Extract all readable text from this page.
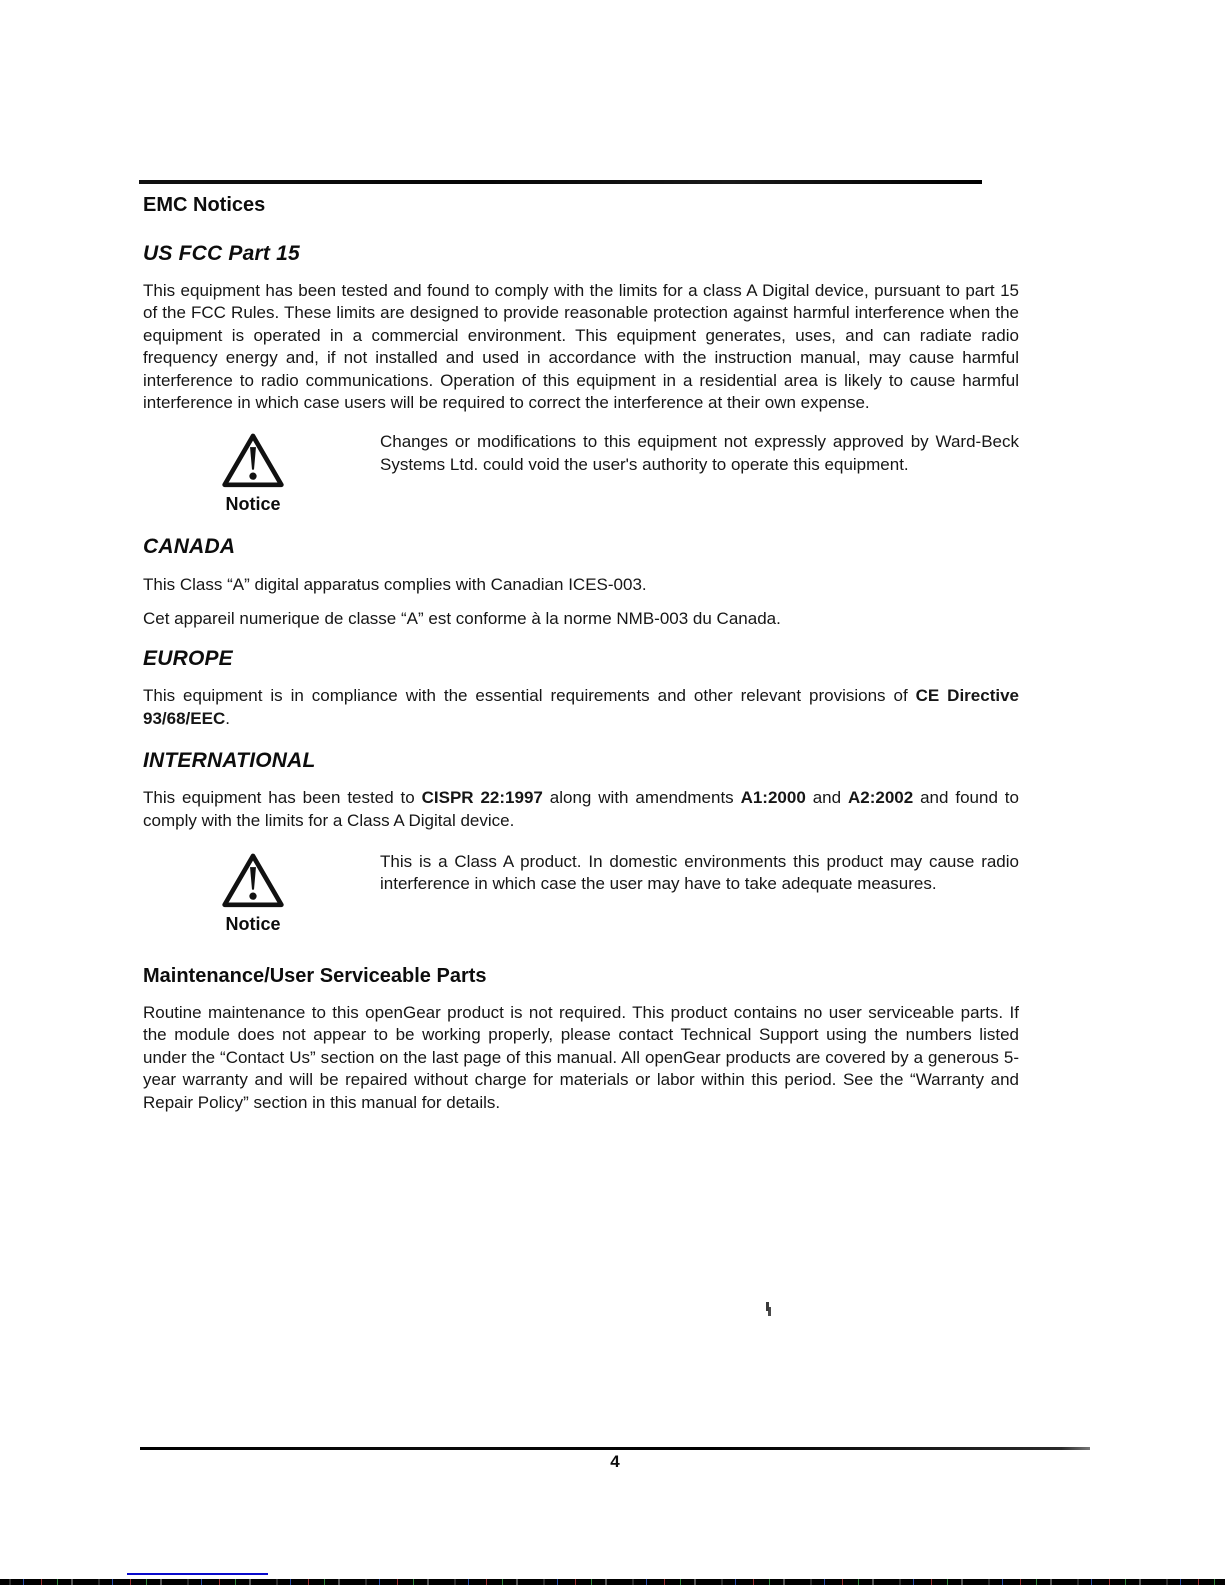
EMC Notices
US FCC Part 15

This equipment has been tested and found to comply with the limits for a class A Digital device, pursuant to part 15 of the FCC Rules. These limits are designed to provide reasonable protection against harmful interference when the equipment is operated in a commercial environment. This equipment generates, uses, and can radiate radio frequency energy and, if not installed and used in accordance with the instruction manual, may cause harmful interference to radio communications. Operation of this equipment in a residential area is likely to cause harmful interference in which case users will be required to correct the interference at their own expense.

Notice
Changes or modifications to this equipment not expressly approved by Ward-Beck Systems Ltd. could void the user's authority to operate this equipment.
CANADA

This Class “A” digital apparatus complies with Canadian ICES-003.

Cet appareil numerique de classe “A” est conforme à la norme NMB-003 du Canada.

EUROPE

This equipment is in compliance with the essential requirements and other relevant provisions of CE Directive 93/68/EEC.

INTERNATIONAL

This equipment has been tested to CISPR 22:1997 along with amendments A1:2000 and A2:2002 and found to comply with the limits for a Class A Digital device.

Notice
This is a Class A product. In domestic environments this product may cause radio interference in which case the user may have to take adequate measures.
Maintenance/User Serviceable Parts

Routine maintenance to this openGear product is not required. This product contains no user serviceable parts. If the module does not appear to be working properly, please contact Technical Support using the numbers listed under the “Contact Us” section on the last page of this manual. All openGear products are covered by a generous 5-year warranty and will be repaired without charge for materials or labor within this period. See the “Warranty and Repair Policy” section in this manual for details.

4
